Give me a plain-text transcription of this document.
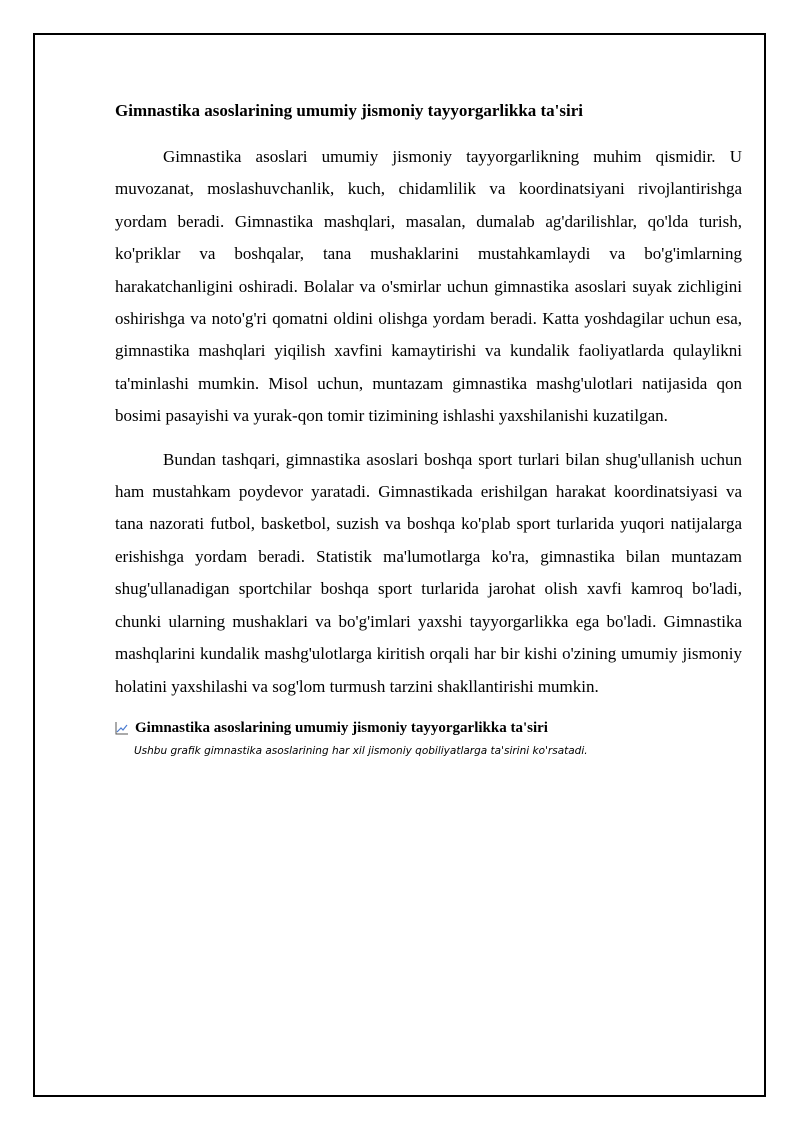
Gimnastika asoslarining umumiy jismoniy tayyorgarlikka ta'siri

Gimnastika asoslari umumiy jismoniy tayyorgarlikning muhim qismidir. U muvozanat, moslashuvchanlik, kuch, chidamlilik va koordinatsiyani rivojlantirishga yordam beradi. Gimnastika mashqlari, masalan, dumalab ag'darilishlar, qo'lda turish, ko'priklar va boshqalar, tana mushaklarini mustahkamlaydi va bo'g'imlarning harakatchanligini oshiradi. Bolalar va o'smirlar uchun gimnastika asoslari suyak zichligini oshirishga va noto'g'ri qomatni oldini olishga yordam beradi. Katta yoshdagilar uchun esa, gimnastika mashqlari yiqilish xavfini kamaytirishi va kundalik faoliyatlarda qulaylikni ta'minlashi mumkin. Misol uchun, muntazam gimnastika mashg'ulotlari natijasida qon bosimi pasayishi va yurak-qon tomir tizimining ishlashi yaxshilanishi kuzatilgan.

Bundan tashqari, gimnastika asoslari boshqa sport turlari bilan shug'ullanish uchun ham mustahkam poydevor yaratadi. Gimnastikada erishilgan harakat koordinatsiyasi va tana nazorati futbol, basketbol, suzish va boshqa ko'plab sport turlarida yuqori natijalarga erishishga yordam beradi. Statistik ma'lumotlarga ko'ra, gimnastika bilan muntazam shug'ullanadigan sportchilar boshqa sport turlarida jarohat olish xavfi kamroq bo'ladi, chunki ularning mushaklari va bo'g'imlari yaxshi tayyorgarlikka ega bo'ladi. Gimnastika mashqlarini kundalik mashg'ulotlarga kiritish orqali har bir kishi o'zining umumiy jismoniy holatini yaxshilashi va sog'lom turmush tarzini shakllantirishi mumkin.

Gimnastika asoslarining umumiy jismoniy tayyorgarlikka ta'siri
Ushbu grafik gimnastika asoslarining har xil jismoniy qobiliyatlarga ta'sirini ko'rsatadi.
